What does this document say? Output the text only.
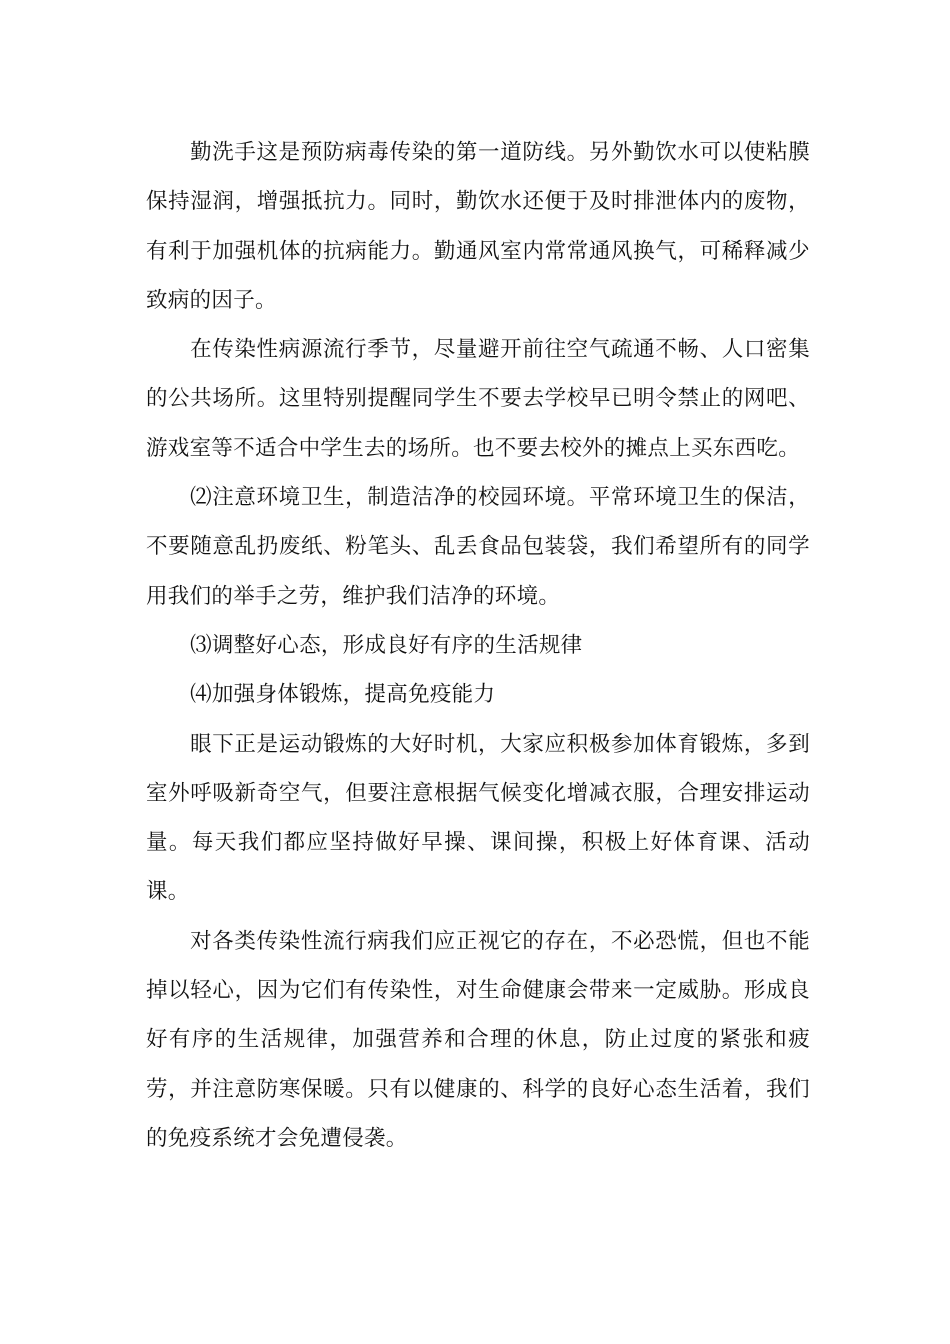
勤洗手这是预防病毒传染的第一道防线。另外勤饮水可以使粘膜保持湿润，增强抵抗力。同时，勤饮水还便于及时排泄体内的废物，有利于加强机体的抗病能力。勤通风室内常常通风换气，可稀释减少致病的因子。

在传染性病源流行季节，尽量避开前往空气疏通不畅、人口密集的公共场所。这里特别提醒同学生不要去学校早已明令禁止的网吧、游戏室等不适合中学生去的场所。也不要去校外的摊点上买东西吃。

⑵注意环境卫生，制造洁净的校园环境。平常环境卫生的保洁，不要随意乱扔废纸、粉笔头、乱丢食品包装袋，我们希望所有的同学用我们的举手之劳，维护我们洁净的环境。

⑶调整好心态，形成良好有序的生活规律

⑷加强身体锻炼，提高免疫能力

眼下正是运动锻炼的大好时机，大家应积极参加体育锻炼，多到室外呼吸新奇空气，但要注意根据气候变化增减衣服，合理安排运动量。每天我们都应坚持做好早操、课间操，积极上好体育课、活动课。

对各类传染性流行病我们应正视它的存在，不必恐慌，但也不能掉以轻心，因为它们有传染性，对生命健康会带来一定威胁。形成良好有序的生活规律，加强营养和合理的休息，防止过度的紧张和疲劳，并注意防寒保暖。只有以健康的、科学的良好心态生活着，我们的免疫系统才会免遭侵袭。
